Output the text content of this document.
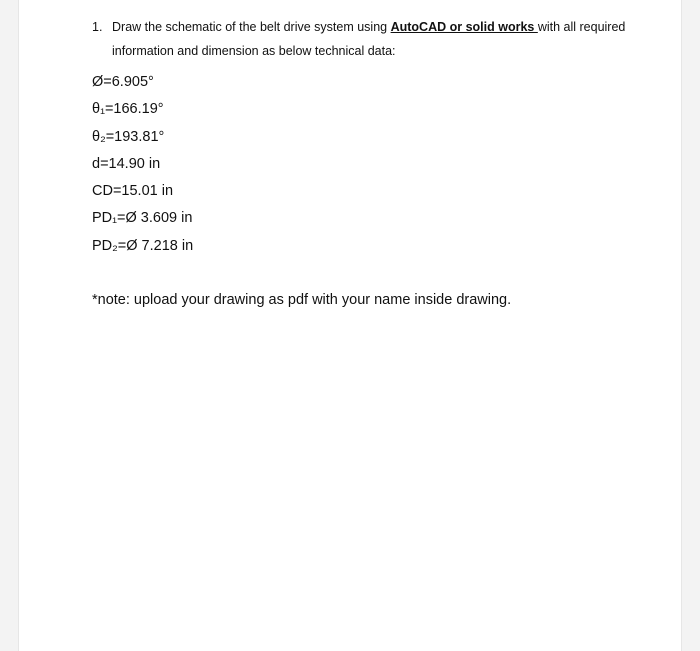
1. Draw the schematic of the belt drive system using AutoCAD or solid works with all required information and dimension as below technical data:
Ø=6.905°
θ₁=166.19°
θ₂=193.81°
d=14.90 in
CD=15.01 in
PD₁=Ø 3.609 in
PD₂=Ø 7.218 in
*note: upload your drawing as pdf with your name inside drawing.
